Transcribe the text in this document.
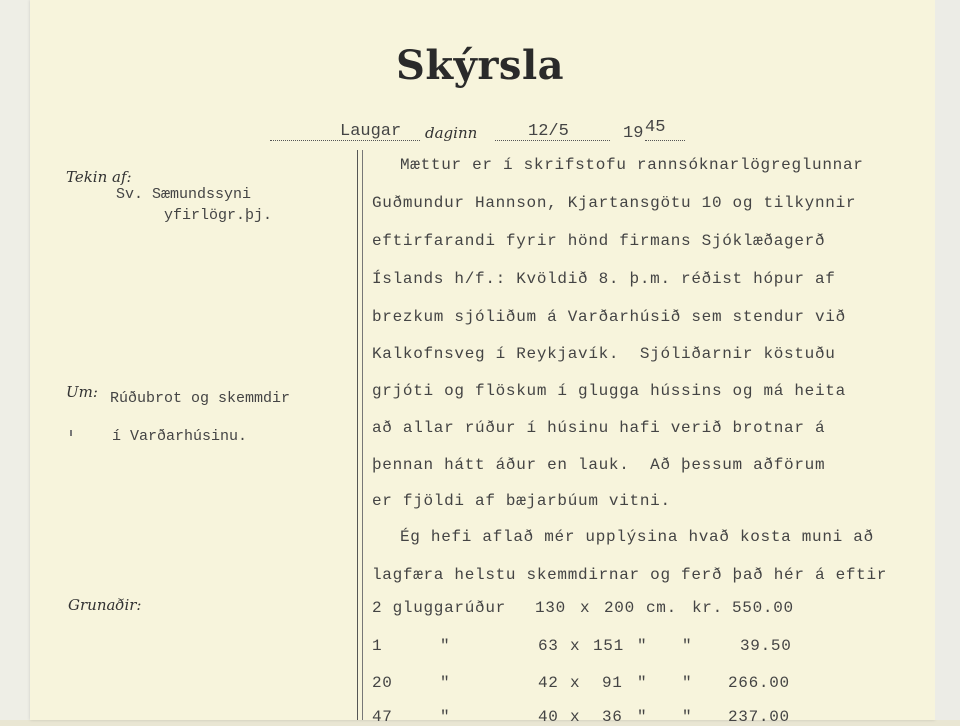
Skýrsla
Laugar daginn	12/5	19 45
Tekin af:
Sv. Sæmundssyni
yfirlögr.þj.
Um: Rúðubrot og skemmdir
í Varðarhúsinu.
Grunaðir:
Mættur er í skrifstofu rannsóknarlögreglunnar
Guðmundur Hannson, Kjartansgötu 10 og tilkynnir
eftirfarandi fyrir hönd firmans Sjóklæðagerð
Íslands h/f.: Kvöldið 8. þ.m. réðist hópur af
brezkum sjóliðum á Varðarhúsið sem stendur við
Kalkofnsveg í Reykjavík.  Sjóliðarnir köstuðu
grjóti og flöskum í glugga hússins og má heita
að allar rúður í húsinu hafi verið brotnar á
þennan hátt áður en lauk.  Að þessum aðförum
er fjöldi af bæjarbúum vitni.
Ég hefi aflað mér upplýsina hvað kosta muni að
lagfæra helstu skemmdirnar og ferð það hér á eftir
2 gluggarúður 130 x 200 cm. kr. 550.00
1	"	63 x 151 " "	39.50
20	"	42 x 91 " " 266.00
47	"	40 x 36 " " 237.00
